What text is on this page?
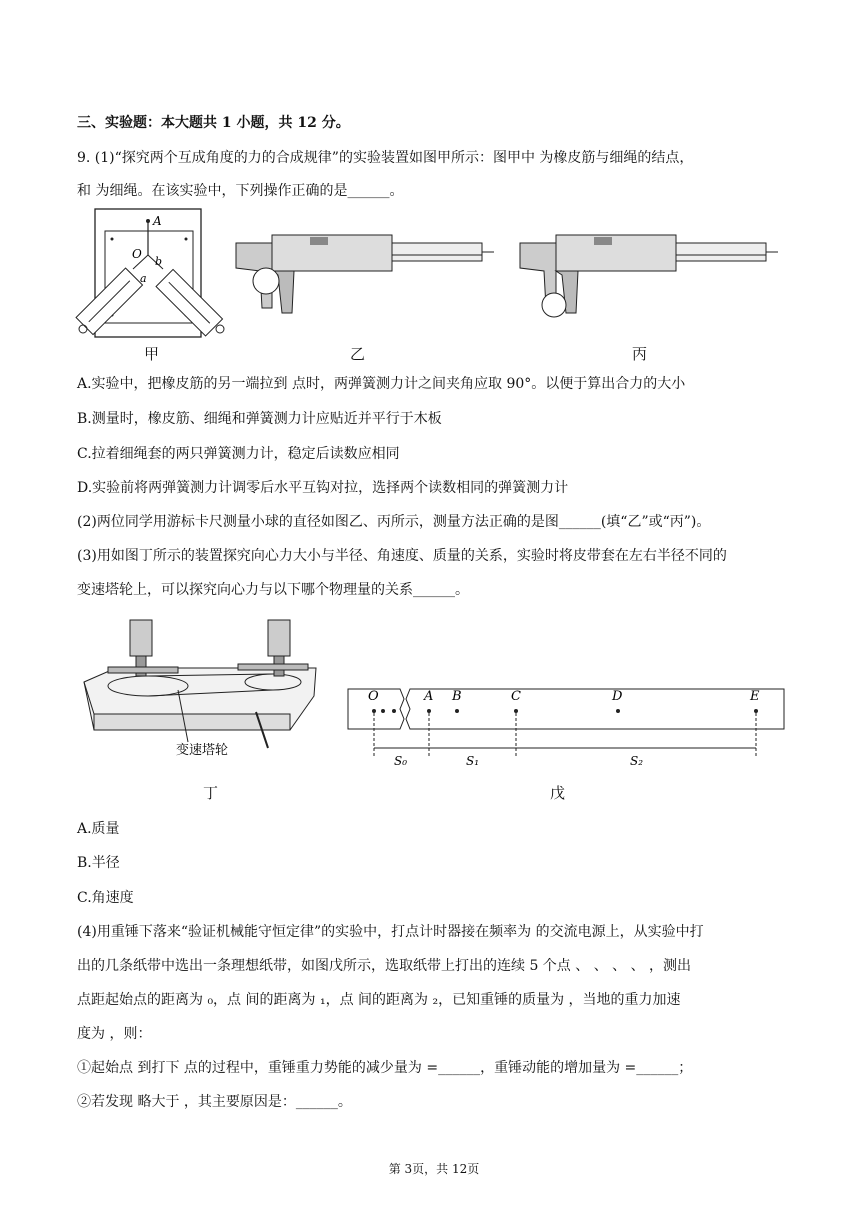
三、实验题：本大题共 1 小题，共 12 分。
9. (1)“探究两个互成角度的力的合成规律”的实验装置如图甲所示：图甲中 为橡皮筋与细绳的结点，
和 为细绳。在该实验中，下列操作正确的是______。
A
O
b
a
甲	乙	丙
A.实验中，把橡皮筋的另一端拉到 点时，两弹簧测力计之间夹角应取 90°。以便于算出合力的大小
B.测量时，橡皮筋、细绳和弹簧测力计应贴近并平行于木板
C.拉着细绳套的两只弹簧测力计，稳定后读数应相同
D.实验前将两弹簧测力计调零后水平互钩对拉，选择两个读数相同的弹簧测力计
(2)两位同学用游标卡尺测量小球的直径如图乙、丙所示，测量方法正确的是图______(填“乙”或“丙”)。
(3)用如图丁所示的装置探究向心力大小与半径、角速度、质量的关系，实验时将皮带套在左右半径不同的
变速塔轮上，可以探究向心力与以下哪个物理量的关系______。
变速塔轮
O	A B	C	D	E
S₀	S₁	S₂
丁	戊
A.质量
B.半径
C.角速度
(4)用重锤下落来“验证机械能守恒定律”的实验中，打点计时器接在频率为 的交流电源上，从实验中打
出的几条纸带中选出一条理想纸带，如图戊所示，选取纸带上打出的连续 5 个点 、 、 、 、 ，测出
点距起始点的距离为 ₀，点 间的距离为 ₁，点 间的距离为 ₂，已知重锤的质量为 ，当地的重力加速
度为 ，则：
①起始点 到打下 点的过程中，重锤重力势能的减少量为 =______，重锤动能的增加量为 =______；
②若发现 略大于 ，其主要原因是：______。
第 3页，共 12页
